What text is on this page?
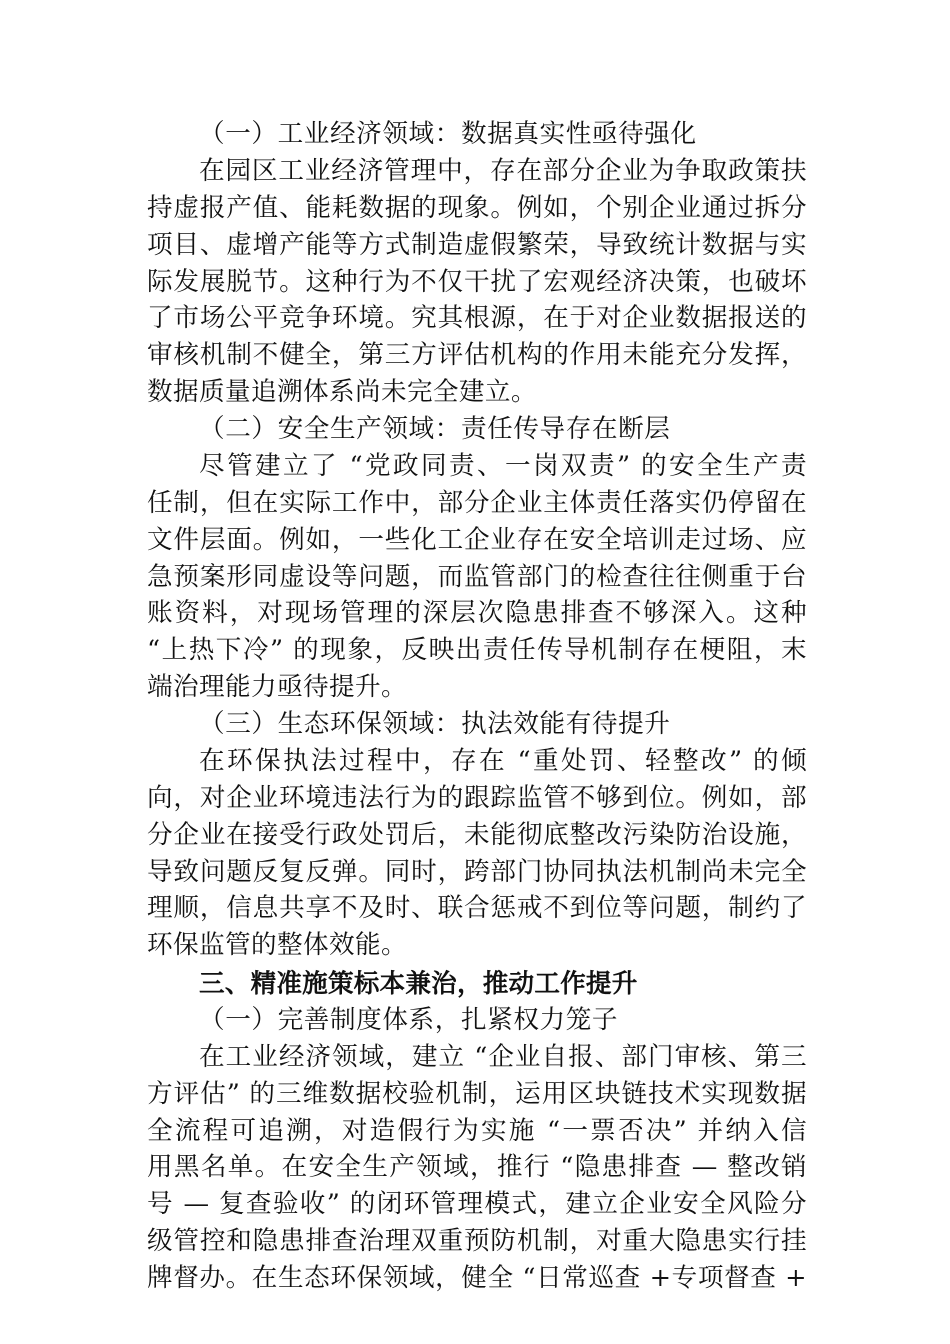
（一）工业经济领域：数据真实性亟待强化
在园区工业经济管理中，存在部分企业为争取政策扶
持虚报产值、能耗数据的现象。例如，个别企业通过拆分
项目、虚增产能等方式制造虚假繁荣，导致统计数据与实
际发展脱节。这种行为不仅干扰了宏观经济决策，也破坏
了市场公平竞争环境。究其根源，在于对企业数据报送的
审核机制不健全，第三方评估机构的作用未能充分发挥，
数据质量追溯体系尚未完全建立。
（二）安全生产领域：责任传导存在断层
尽管建立了 “党政同责、一岗双责” 的安全生产责
任制，但在实际工作中，部分企业主体责任落实仍停留在
文件层面。例如，一些化工企业存在安全培训走过场、应
急预案形同虚设等问题，而监管部门的检查往往侧重于台
账资料，对现场管理的深层次隐患排查不够深入。这种
“上热下冷” 的现象，反映出责任传导机制存在梗阻，末
端治理能力亟待提升。
（三）生态环保领域：执法效能有待提升
在环保执法过程中，存在 “重处罚、轻整改” 的倾
向，对企业环境违法行为的跟踪监管不够到位。例如，部
分企业在接受行政处罚后，未能彻底整改污染防治设施，
导致问题反复反弹。同时，跨部门协同执法机制尚未完全
理顺，信息共享不及时、联合惩戒不到位等问题，制约了
环保监管的整体效能。
三、精准施策标本兼治，推动工作提升
（一）完善制度体系，扎紧权力笼子
在工业经济领域，建立 “企业自报、部门审核、第三
方评估” 的三维数据校验机制，运用区块链技术实现数据
全流程可追溯，对造假行为实施 “一票否决” 并纳入信
用黑名单。在安全生产领域，推行 “隐患排查 — 整改销
号 — 复查验收” 的闭环管理模式，建立企业安全风险分
级管控和隐患排查治理双重预防机制，对重大隐患实行挂
牌督办。在生态环保领域，健全 “日常巡查 +专项督查 +
